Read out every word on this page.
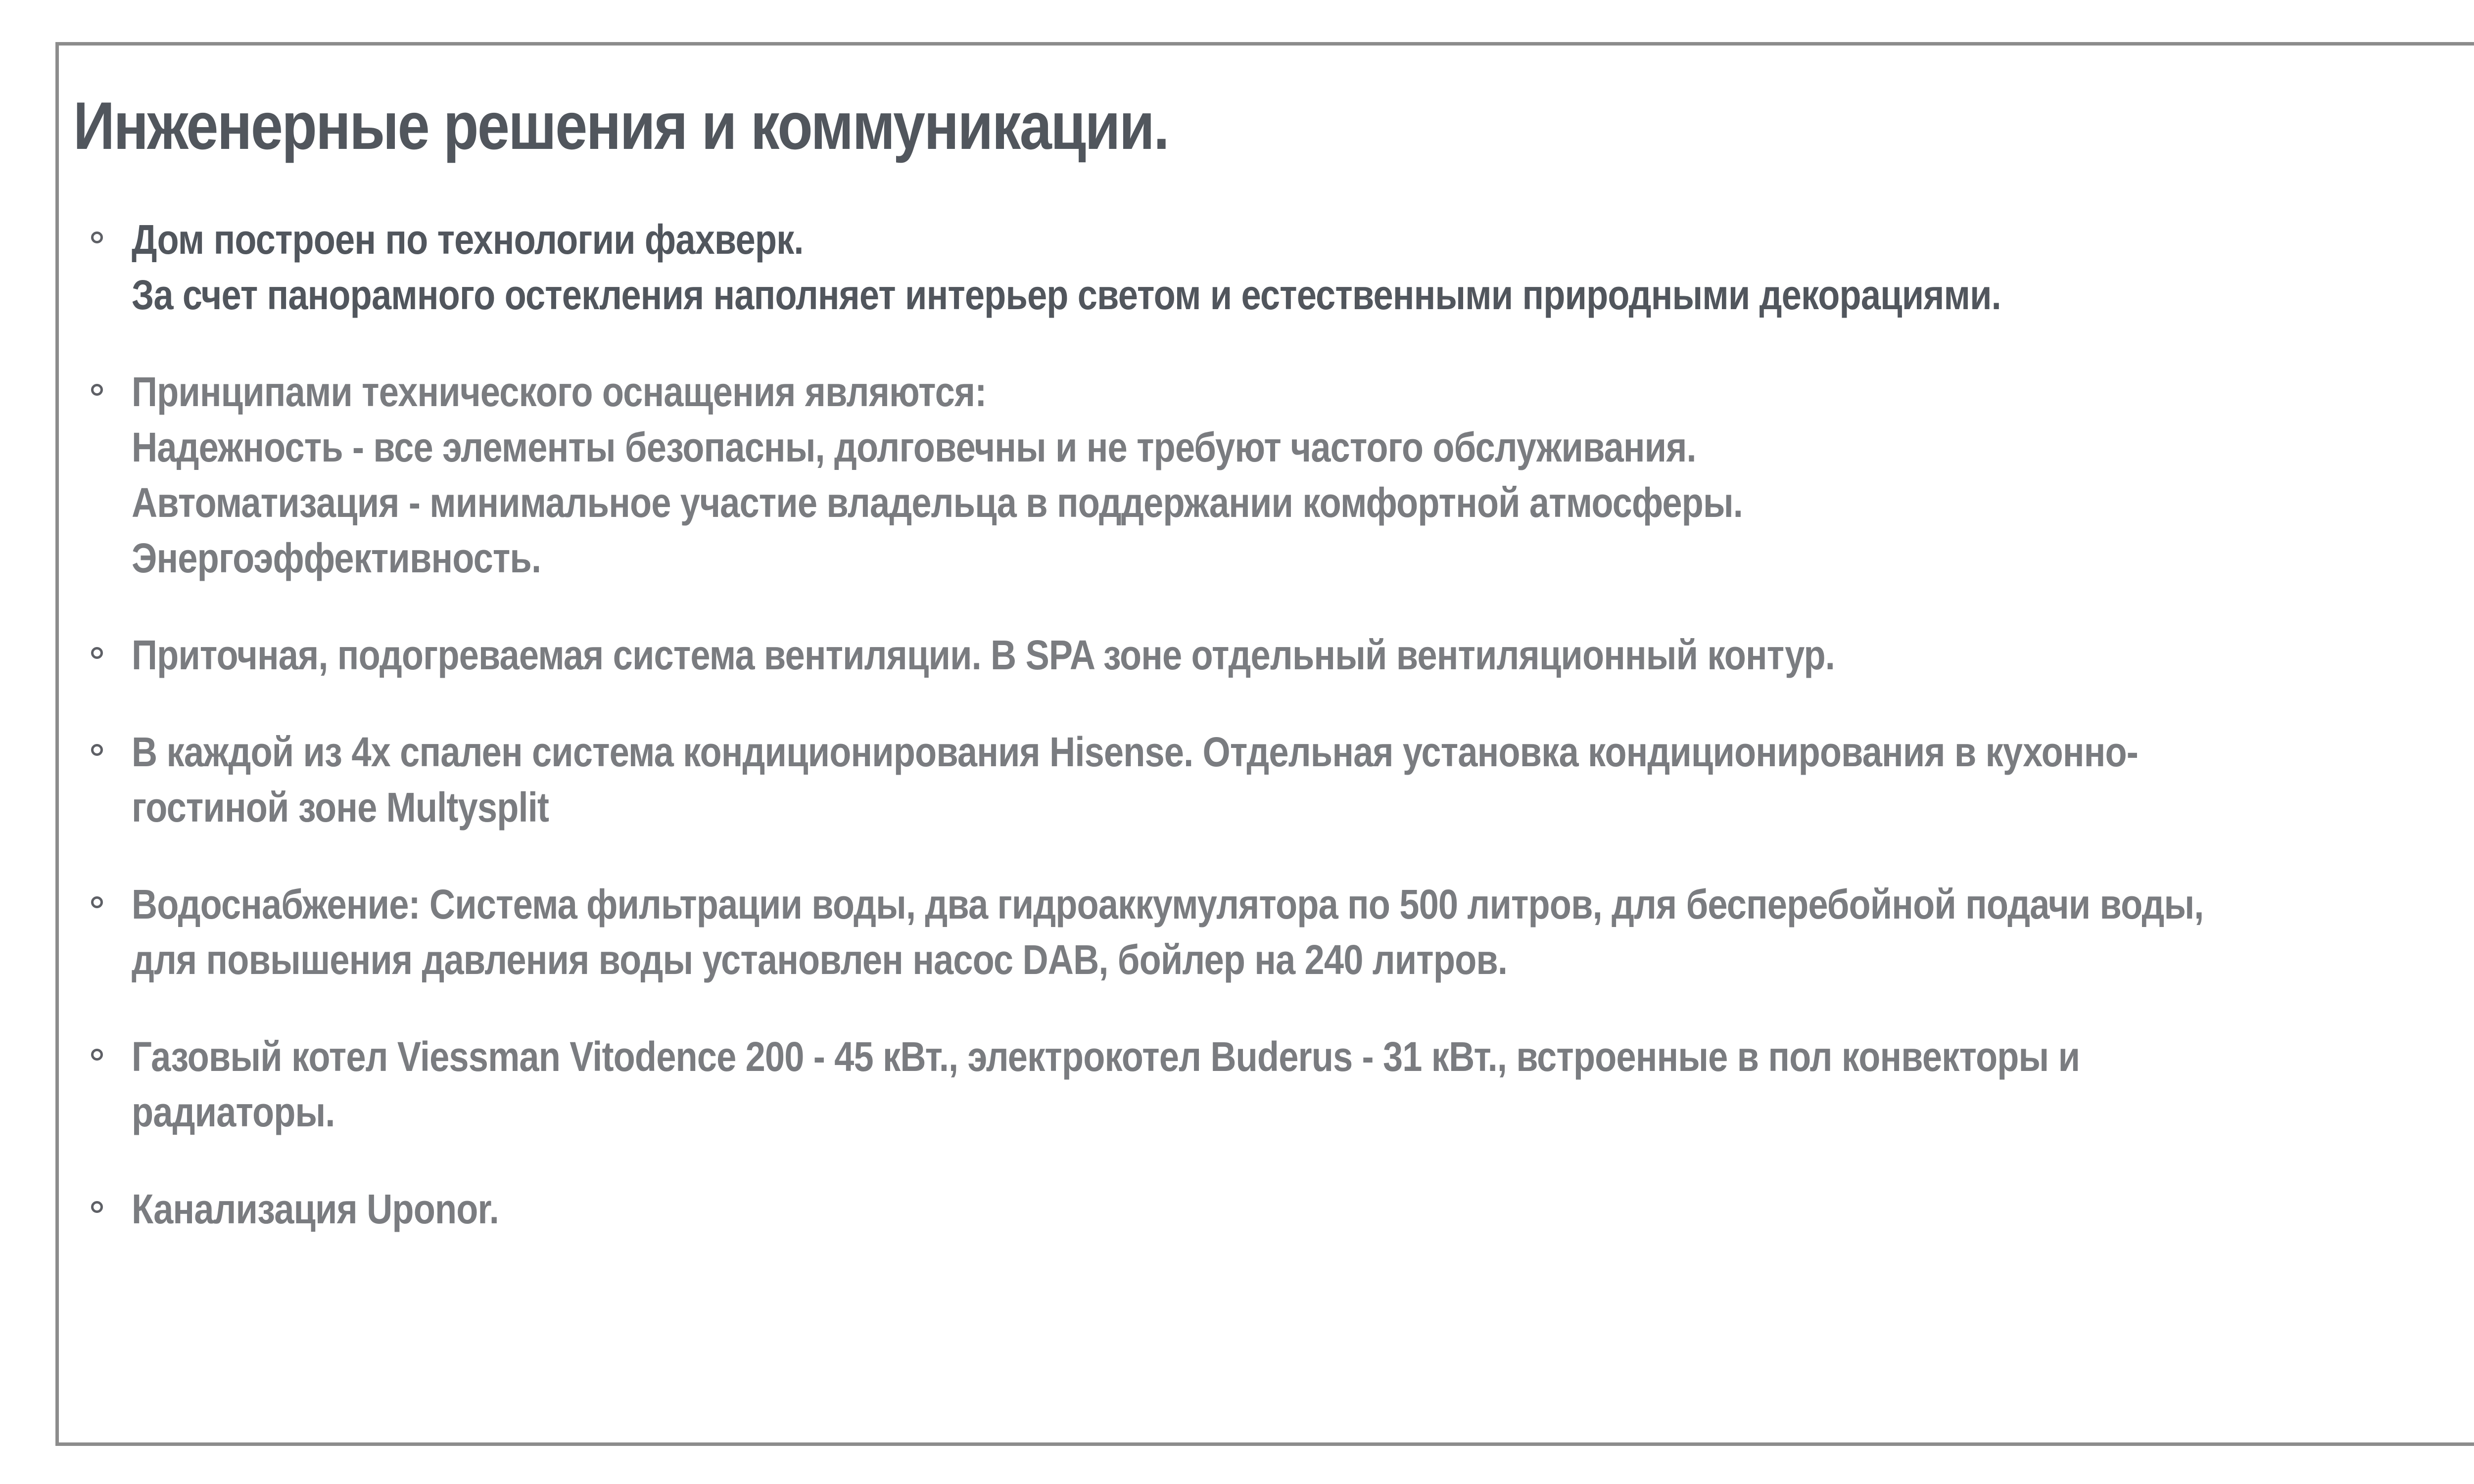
Инженерные решения и коммуникации.
Дом построен по технологии фахверк.
За счет панорамного остекления наполняет интерьер светом и естественными природными декорациями.
Принципами технического оснащения являются:
Надежность - все элементы безопасны, долговечны и не требуют частого обслуживания.
Автоматизация - минимальное участие владельца в поддержании комфортной атмосферы.
Энергоэффективность.
Приточная, подогреваемая система вентиляции. В SPA зоне отдельный вентиляционный контур.
В каждой из 4х спален система кондиционирования Hisense. Отдельная установка кондиционирования в кухонно-
гостиной зоне Multysplit
Водоснабжение: Система фильтрации воды, два гидроаккумулятора по 500 литров, для бесперебойной подачи воды,
для повышения давления воды установлен насос DAB, бойлер на 240 литров.
Газовый котел Viessman Vitodence 200 - 45 кВт., электрокотел Buderus - 31 кВт., встроенные в пол конвекторы и
радиаторы.
Канализация Uponor.
